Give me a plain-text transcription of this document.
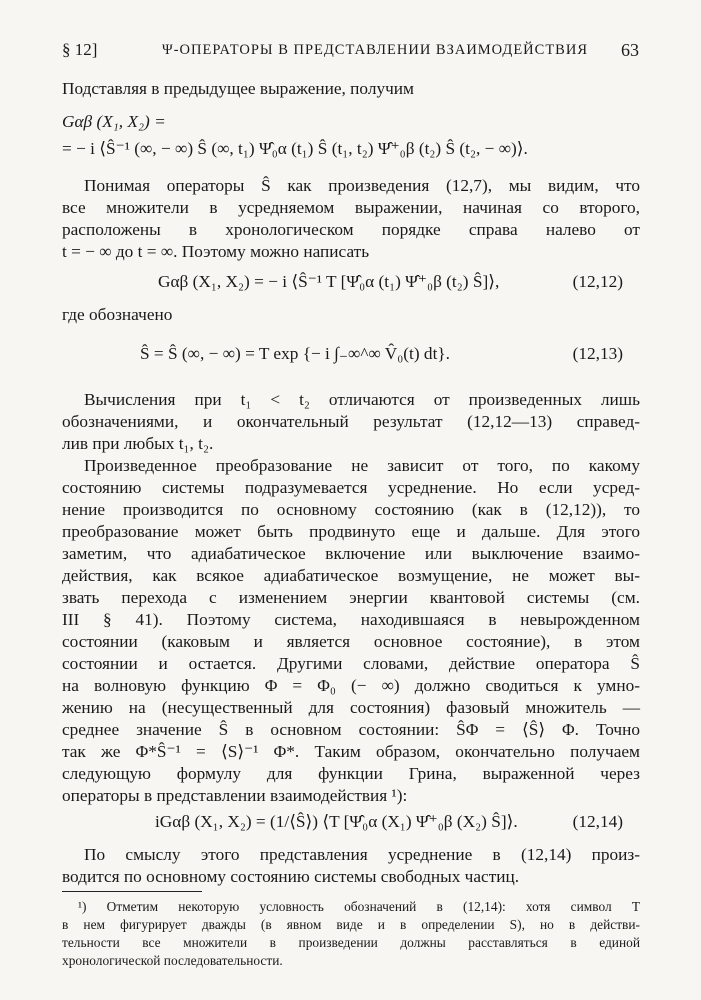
§ 12]	Ψ-ОПЕРАТОРЫ В ПРЕДСТАВЛЕНИИ ВЗАИМОДЕЙСТВИЯ 63
Подставляя в предыдущее выражение, получим
Gαβ (X₁, X₂) =
= − i ⟨Ŝ⁻¹ (∞, − ∞) Ŝ (∞, t₁) Ψ̂₀α (t₁) Ŝ (t₁, t₂) Ψ̂⁺₀β (t₂) Ŝ (t₂, − ∞)⟩.
Понимая операторы Ŝ как произведения (12,7), мы видим, что
все множители в усредняемом выражении, начиная со второго,
расположены в хронологическом порядке справа налево от
t = − ∞ до t = ∞. Поэтому можно написать
Gαβ (X₁, X₂) = − i ⟨Ŝ⁻¹ T [Ψ̂₀α (t₁) Ψ̂⁺₀β (t₂) Ŝ]⟩,	(12,12)
где обозначено
Ŝ = Ŝ (∞, − ∞) = T exp {− i ∫₋∞^∞ V̂₀(t) dt}.	(12,13)
Вычисления при t₁ < t₂ отличаются от произведенных лишь
обозначениями, и окончательный результат (12,12—13) справед-
лив при любых t₁, t₂.
Произведенное преобразование не зависит от того, по какому
состоянию системы подразумевается усреднение. Но если усред-
нение производится по основному состоянию (как в (12,12)), то
преобразование может быть продвинуто еще и дальше. Для этого
заметим, что адиабатическое включение или выключение взаимо-
действия, как всякое адиабатическое возмущение, не может вы-
звать перехода с изменением энергии квантовой системы (см.
III § 41). Поэтому система, находившаяся в невырожденном
состоянии (каковым и является основное состояние), в этом
состоянии и остается. Другими словами, действие оператора Ŝ
на волновую функцию Φ = Φ₀ (− ∞) должно сводиться к умно-
жению на (несущественный для состояния) фазовый множитель —
среднее значение Ŝ в основном состоянии: ŜΦ = ⟨Ŝ⟩ Φ. Точно
так же Φ*Ŝ⁻¹ = ⟨S⟩⁻¹ Φ*. Таким образом, окончательно получаем
следующую формулу для функции Грина, выраженной через
операторы в представлении взаимодействия ¹):
iGαβ (X₁, X₂) = (1/⟨Ŝ⟩) ⟨T [Ψ̂₀α (X₁) Ψ̂⁺₀β (X₂) Ŝ]⟩.	(12,14)
По смыслу этого представления усреднение в (12,14) произ-
водится по основному состоянию системы свободных частиц.
¹) Отметим некоторую условность обозначений в (12,14): хотя символ T
в нем фигурирует дважды (в явном виде и в определении S), но в действи-
тельности все множители в произведении должны расставляться в единой
хронологической последовательности.
